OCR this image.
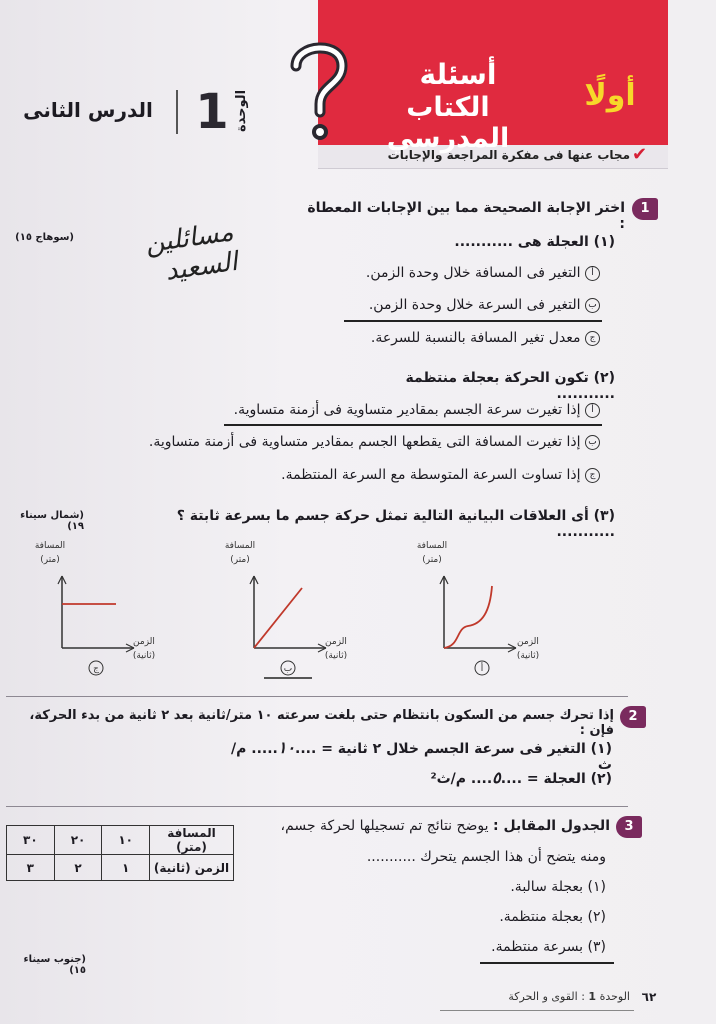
أسئلة
الكتاب المدرسي
أولًا
✔
مجاب عنها فى مفكرة المراجعة والإجابات
الدرس الثانى 1 الوحدة
1
اختر الإجابة الصحيحة مما بين الإجابات المعطاة :
(سوهاج ١٥)	مسائلين السعيد
(١) العجلة هى ...........
أ التغير فى المسافة خلال وحدة الزمن.
ب التغير فى السرعة خلال وحدة الزمن.
ج معدل تغير المسافة بالنسبة للسرعة.
(٢) تكون الحركة بعجلة منتظمة ...........
أ إذا تغيرت سرعة الجسم بمقادير متساوية فى أزمنة متساوية.
ب إذا تغيرت المسافة التى يقطعها الجسم بمقادير متساوية فى أزمنة متساوية.
ج إذا تساوت السرعة المتوسطة مع السرعة المنتظمة.
(٣) أى العلاقات البيانية التالية تمثل حركة جسم ما بسرعة ثابتة ؟ ...........
(شمال سيناء ١٩)
المسافة
(متر)
الزمن
(ثانية)
أ
المسافة
(متر)
الزمن
(ثانية)
ب
المسافة
(متر)
الزمن
(ثانية)
ج
2
إذا تحرك جسم من السكون بانتظام حتى بلغت سرعته ١٠ متر/ثانية بعد ٢ ثانية من بدء الحركة، فإن :
(١) التغير فى سرعة الجسم خلال ٢ ثانية = ....١٠..... م/ث
(٢) العجلة = ....٥.... م/ث²
3
الجدول المقابل : يوضح نتائج تم تسجيلها لحركة جسم،
ومنه يتضح أن هذا الجسم يتحرك ...........
(١) بعجلة سالبة.
(٢) بعجلة منتظمة.
(٣) بسرعة منتظمة.
المسافة (متر)	١٠	٢٠	٣٠
الزمن (ثانية)	١	٢	٣
(جنوب سيناء ١٥)
الوحدة 1 : القوى و الحركة	٦٢
